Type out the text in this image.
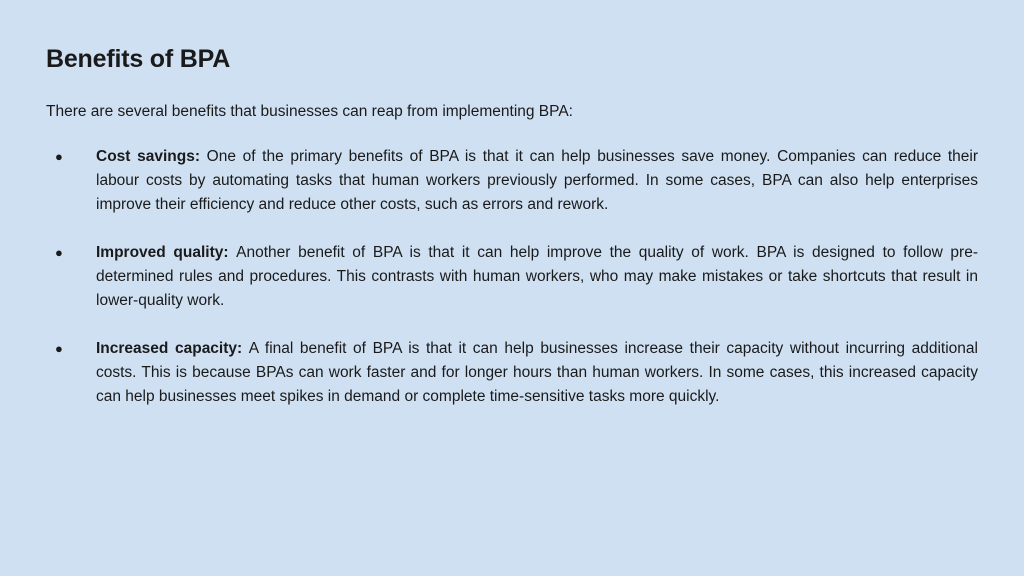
Benefits of BPA

There are several benefits that businesses can reap from implementing BPA:

● Cost savings: One of the primary benefits of BPA is that it can help businesses save money. Companies can reduce their labour costs by automating tasks that human workers previously performed. In some cases, BPA can also help enterprises improve their efficiency and reduce other costs, such as errors and rework.
● Improved quality: Another benefit of BPA is that it can help improve the quality of work. BPA is designed to follow pre-determined rules and procedures. This contrasts with human workers, who may make mistakes or take shortcuts that result in lower-quality work.
● Increased capacity: A final benefit of BPA is that it can help businesses increase their capacity without incurring additional costs. This is because BPAs can work faster and for longer hours than human workers. In some cases, this increased capacity can help businesses meet spikes in demand or complete time-sensitive tasks more quickly.
